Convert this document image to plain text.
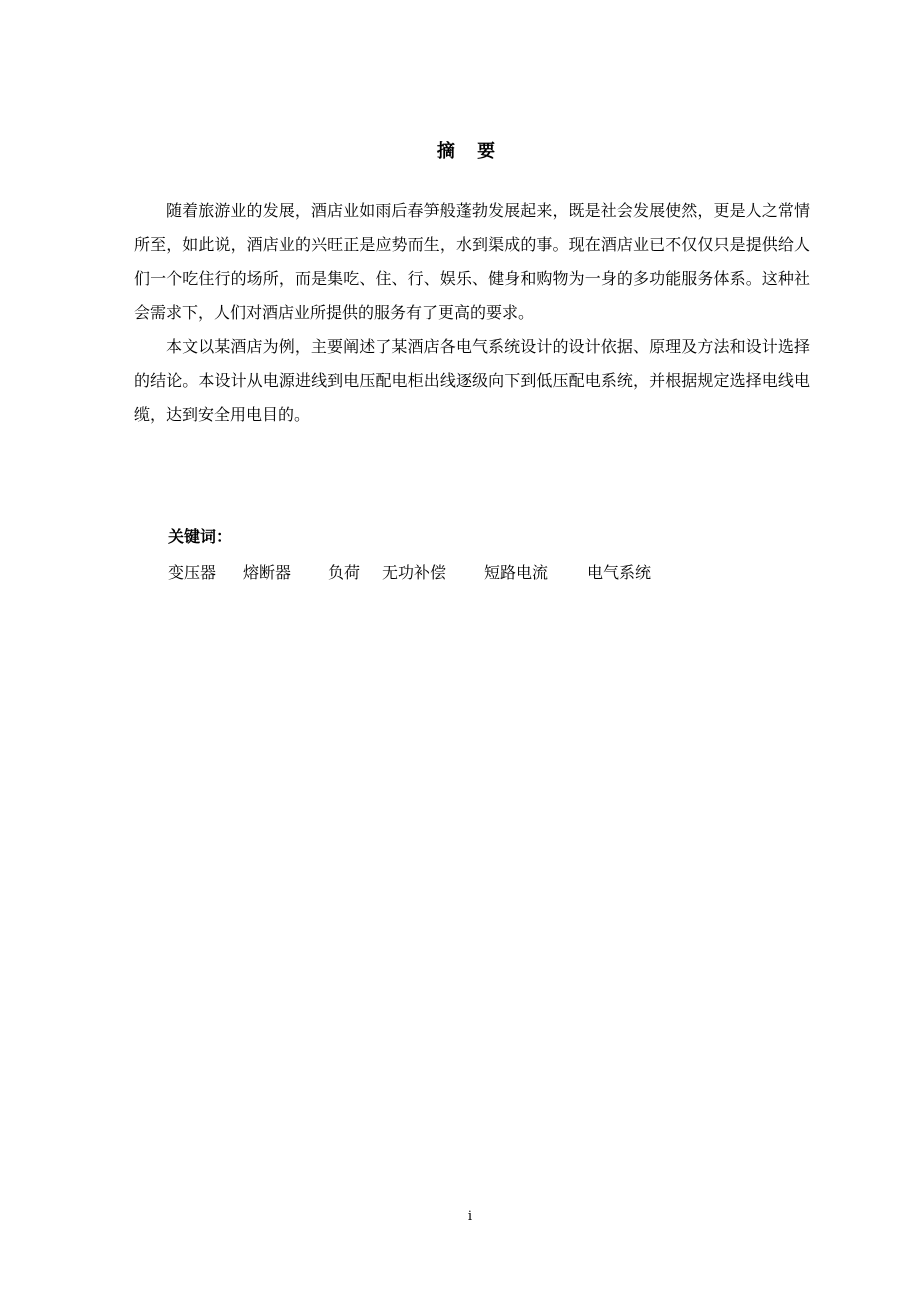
摘 要

随着旅游业的发展，酒店业如雨后春笋般蓬勃发展起来，既是社会发展使然，更是人之常情所至，如此说，酒店业的兴旺正是应势而生，水到渠成的事。现在酒店业已不仅仅只是提供给人们一个吃住行的场所，而是集吃、住、行、娱乐、健身和购物为一身的多功能服务体系。这种社会需求下，人们对酒店业所提供的服务有了更高的要求。

本文以某酒店为例，主要阐述了某酒店各电气系统设计的设计依据、原理及方法和设计选择的结论。本设计从电源进线到电压配电柜出线逐级向下到低压配电系统，并根据规定选择电线电缆，达到安全用电目的。

关键词：
变压器 熔断器 负荷 无功补偿 短路电流 电气系统
i
